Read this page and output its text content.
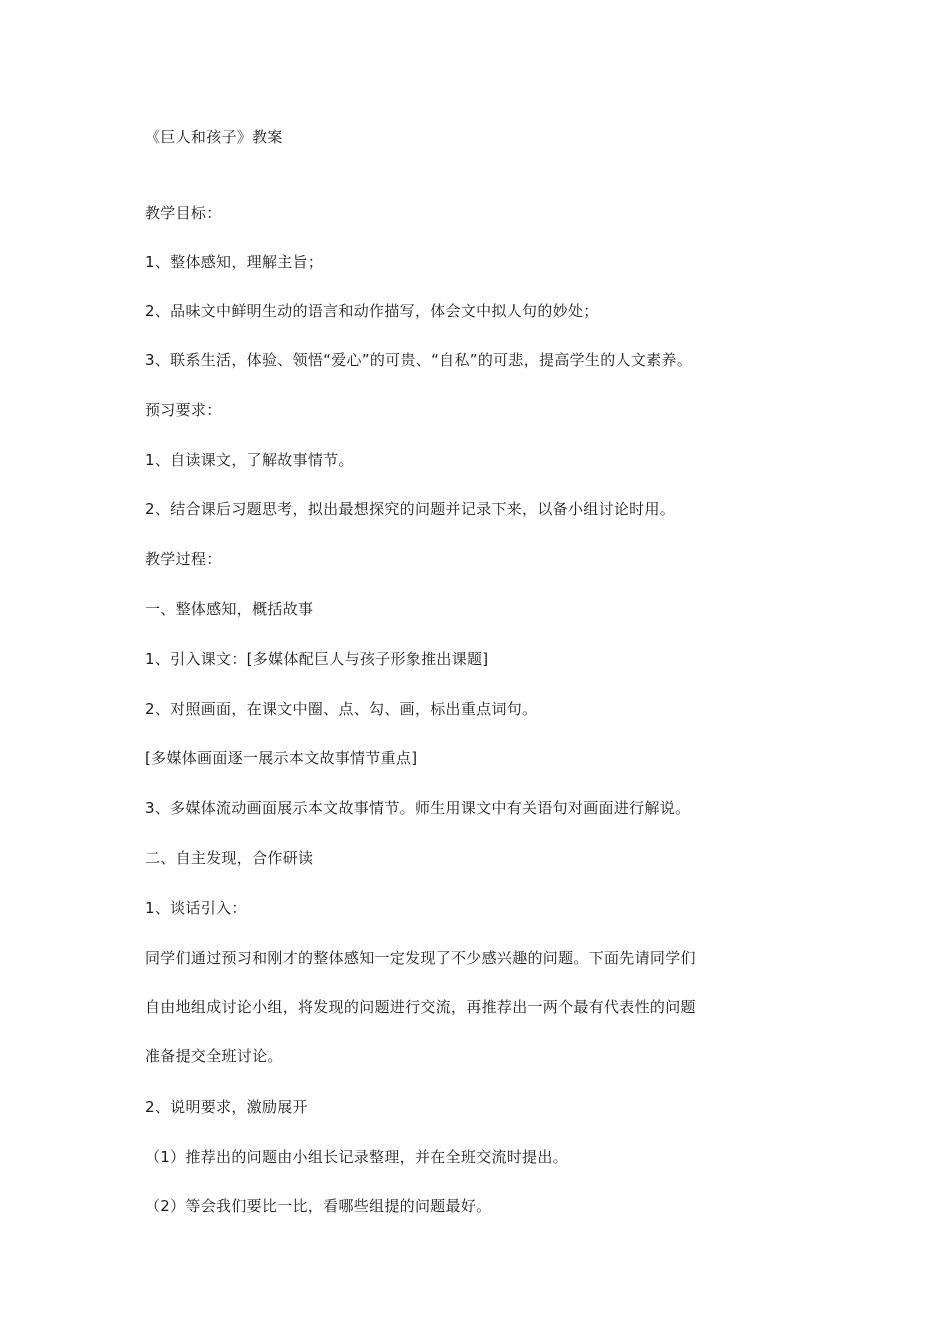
《巨人和孩子》教案
教学目标：
1、整体感知，理解主旨；
2、品味文中鲜明生动的语言和动作描写，体会文中拟人句的妙处；
3、联系生活，体验、领悟“爱心”的可贵、“自私”的可悲，提高学生的人文素养。
预习要求：
1、自读课文，了解故事情节。
2、结合课后习题思考，拟出最想探究的问题并记录下来，以备小组讨论时用。
教学过程：
一、整体感知，概括故事
1、引入课文：[多媒体配巨人与孩子形象推出课题]
2、对照画面，在课文中圈、点、勾、画，标出重点词句。
[多媒体画面逐一展示本文故事情节重点]
3、多媒体流动画面展示本文故事情节。师生用课文中有关语句对画面进行解说。
二、自主发现，合作研读
1、谈话引入：
同学们通过预习和刚才的整体感知一定发现了不少感兴趣的问题。下面先请同学们
自由地组成讨论小组，将发现的问题进行交流，再推荐出一两个最有代表性的问题
准备提交全班讨论。
2、说明要求，激励展开
（1）推荐出的问题由小组长记录整理，并在全班交流时提出。
（2）等会我们要比一比，看哪些组提的问题最好。
